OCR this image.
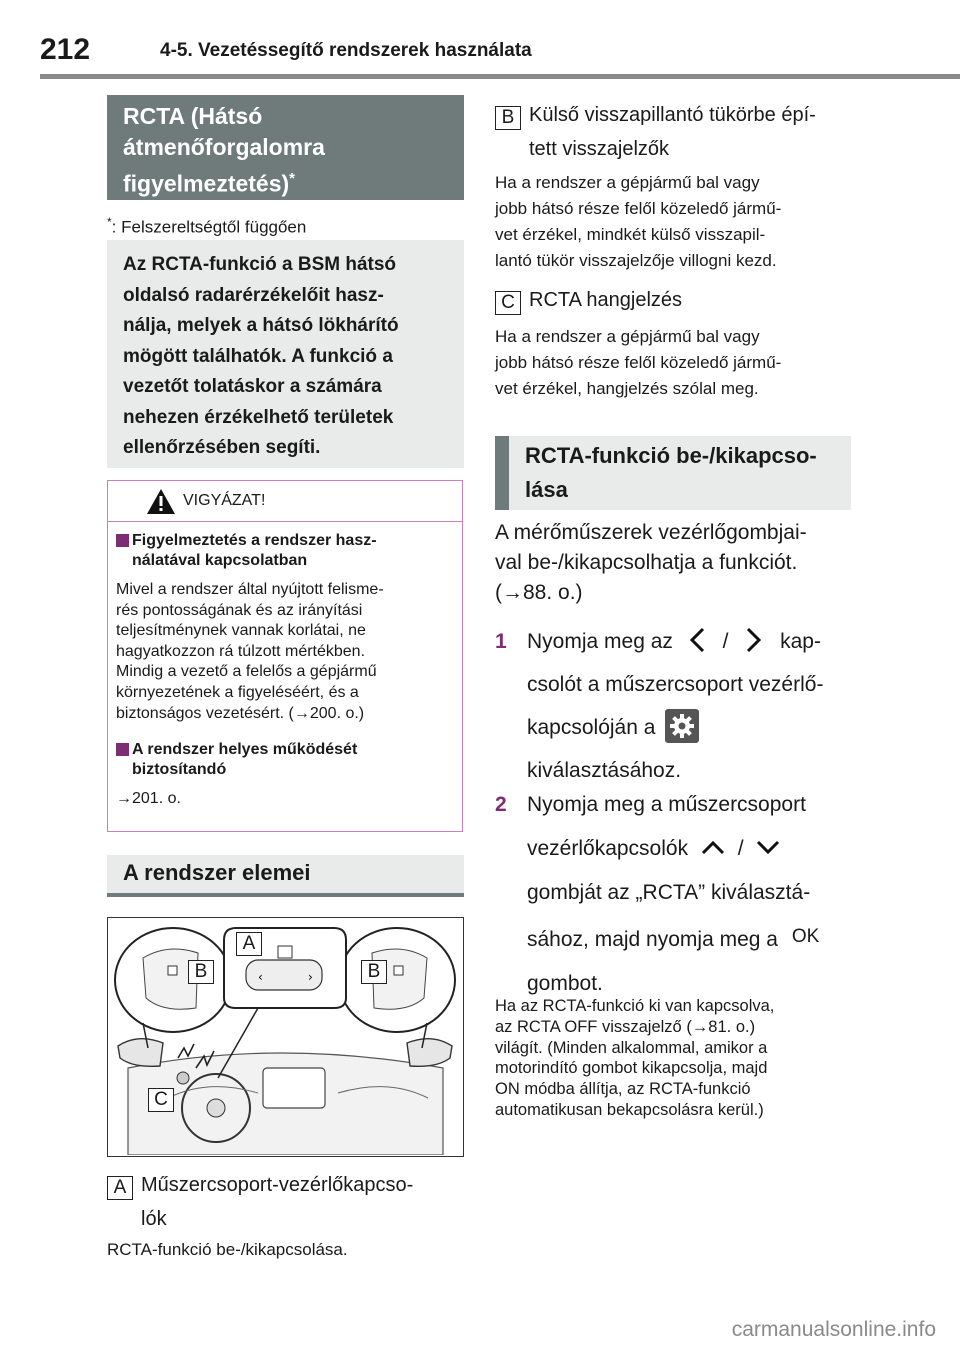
212	4-5. Vezetéssegítő rendszerek használata
RCTA (Hátsó
átmenőforgalomra
figyelmeztetés)*
*: Felszereltségtől függően
Az RCTA-funkció a BSM hátsó
oldalsó radarérzékelőit hasz-
nálja, melyek a hátsó lökhárító
mögött találhatók. A funkció a
vezetőt tolatáskor a számára
nehezen érzékelhető területek
ellenőrzésében segíti.
VIGYÁZAT!
Figyelmeztetés a rendszer hasz-
nálatával kapcsolatban
Mivel a rendszer által nyújtott felisme-
rés pontosságának és az irányítási
teljesítménynek vannak korlátai, ne
hagyatkozzon rá túlzott mértékben.
Mindig a vezető a felelős a gépjármű
környezetének a figyeléséért, és a
biztonságos vezetésért. (→200. o.)
A rendszer helyes működését
biztosítandó
→201. o.
A rendszer elemei
‹	›
A
B	B
C
A Műszercsoport-vezérlőkapcso-
lók
RCTA-funkció be-/kikapcsolása.
B Külső visszapillantó tükörbe épí-
tett visszajelzők
Ha a rendszer a gépjármű bal vagy
jobb hátsó része felől közeledő jármű-
vet érzékel, mindkét külső visszapil-
lantó tükör visszajelzője villogni kezd.
C RCTA hangjelzés
Ha a rendszer a gépjármű bal vagy
jobb hátsó része felől közeledő jármű-
vet érzékel, hangjelzés szólal meg.
RCTA-funkció be-/kikapcso-
lása
A mérőműszerek vezérlőgombjai-
val be-/kikapcsolhatja a funkciót.
(→88. o.)
1 Nyomja meg az / kap-
csolót a műszercsoport vezérlő-
kapcsolóján a
kiválasztásához.
2 Nyomja meg a műszercsoport
vezérlőkapcsolók /
gombját az „RCTA” kiválasztá-
sához, majd nyomja meg a OK
gombot.
Ha az RCTA-funkció ki van kapcsolva,
az RCTA OFF visszajelző (→81. o.)
világít. (Minden alkalommal, amikor a
motorindító gombot kikapcsolja, majd
ON módba állítja, az RCTA-funkció
automatikusan bekapcsolásra kerül.)
carmanualsonline.info
